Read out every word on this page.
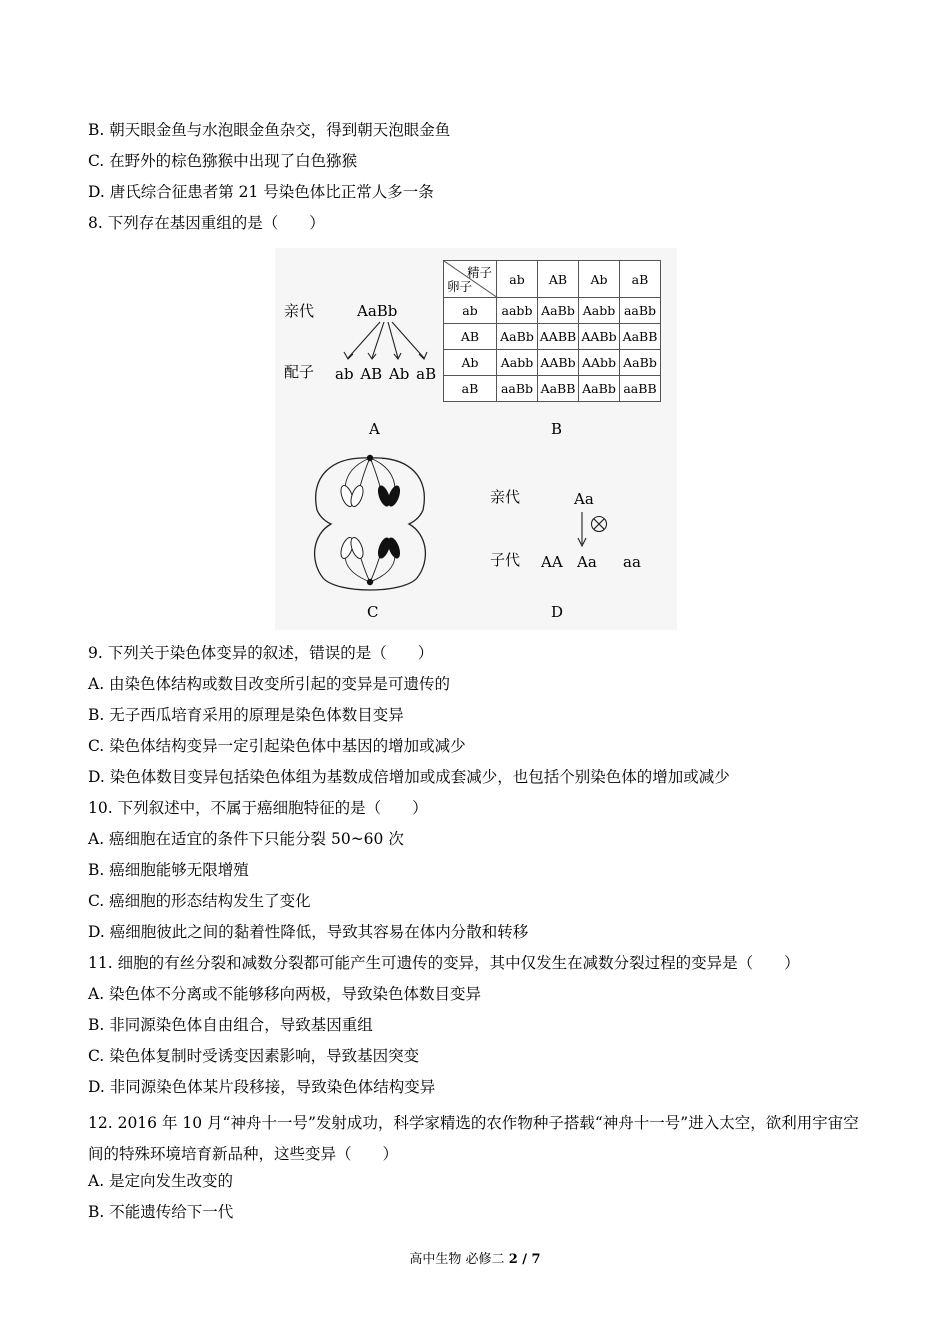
B. 朝天眼金鱼与水泡眼金鱼杂交，得到朝天泡眼金鱼
C. 在野外的棕色猕猴中出现了白色猕猴
D. 唐氏综合征患者第 21 号染色体比正常人多一条
8. 下列存在基因重组的是（　　）
亲代	AaBb
配子 ab AB Ab aB
A
精子
卵子	ab	AB	Ab	aB
ab	aabb	AaBb	Aabb	aaBb
AB	AaBb	AABB	AABb	AaBB
Ab	Aabb	AABb	AAbb	AaBb
aB	aaBb	AaBB	AaBb	aaBB
B
C
亲代	Aa
子代 AA Aa aa
D
9. 下列关于染色体变异的叙述，错误的是（　　）
A. 由染色体结构或数目改变所引起的变异是可遗传的
B. 无子西瓜培育采用的原理是染色体数目变异
C. 染色体结构变异一定引起染色体中基因的增加或减少
D. 染色体数目变异包括染色体组为基数成倍增加或成套减少，也包括个别染色体的增加或减少
10. 下列叙述中，不属于癌细胞特征的是（　　）
A. 癌细胞在适宜的条件下只能分裂 50~60 次
B. 癌细胞能够无限增殖
C. 癌细胞的形态结构发生了变化
D. 癌细胞彼此之间的黏着性降低，导致其容易在体内分散和转移
11. 细胞的有丝分裂和减数分裂都可能产生可遗传的变异，其中仅发生在减数分裂过程的变异是（　　）
A. 染色体不分离或不能够移向两极，导致染色体数目变异
B. 非同源染色体自由组合，导致基因重组
C. 染色体复制时受诱变因素影响，导致基因突变
D. 非同源染色体某片段移接，导致染色体结构变异
12. 2016 年 10 月“神舟十一号”发射成功，科学家精选的农作物种子搭载“神舟十一号”进入太空，欲利用宇宙空间的特殊环境培育新品种，这些变异（　　）
A. 是定向发生改变的
B. 不能遗传给下一代
高中生物 必修二 2 / 7
